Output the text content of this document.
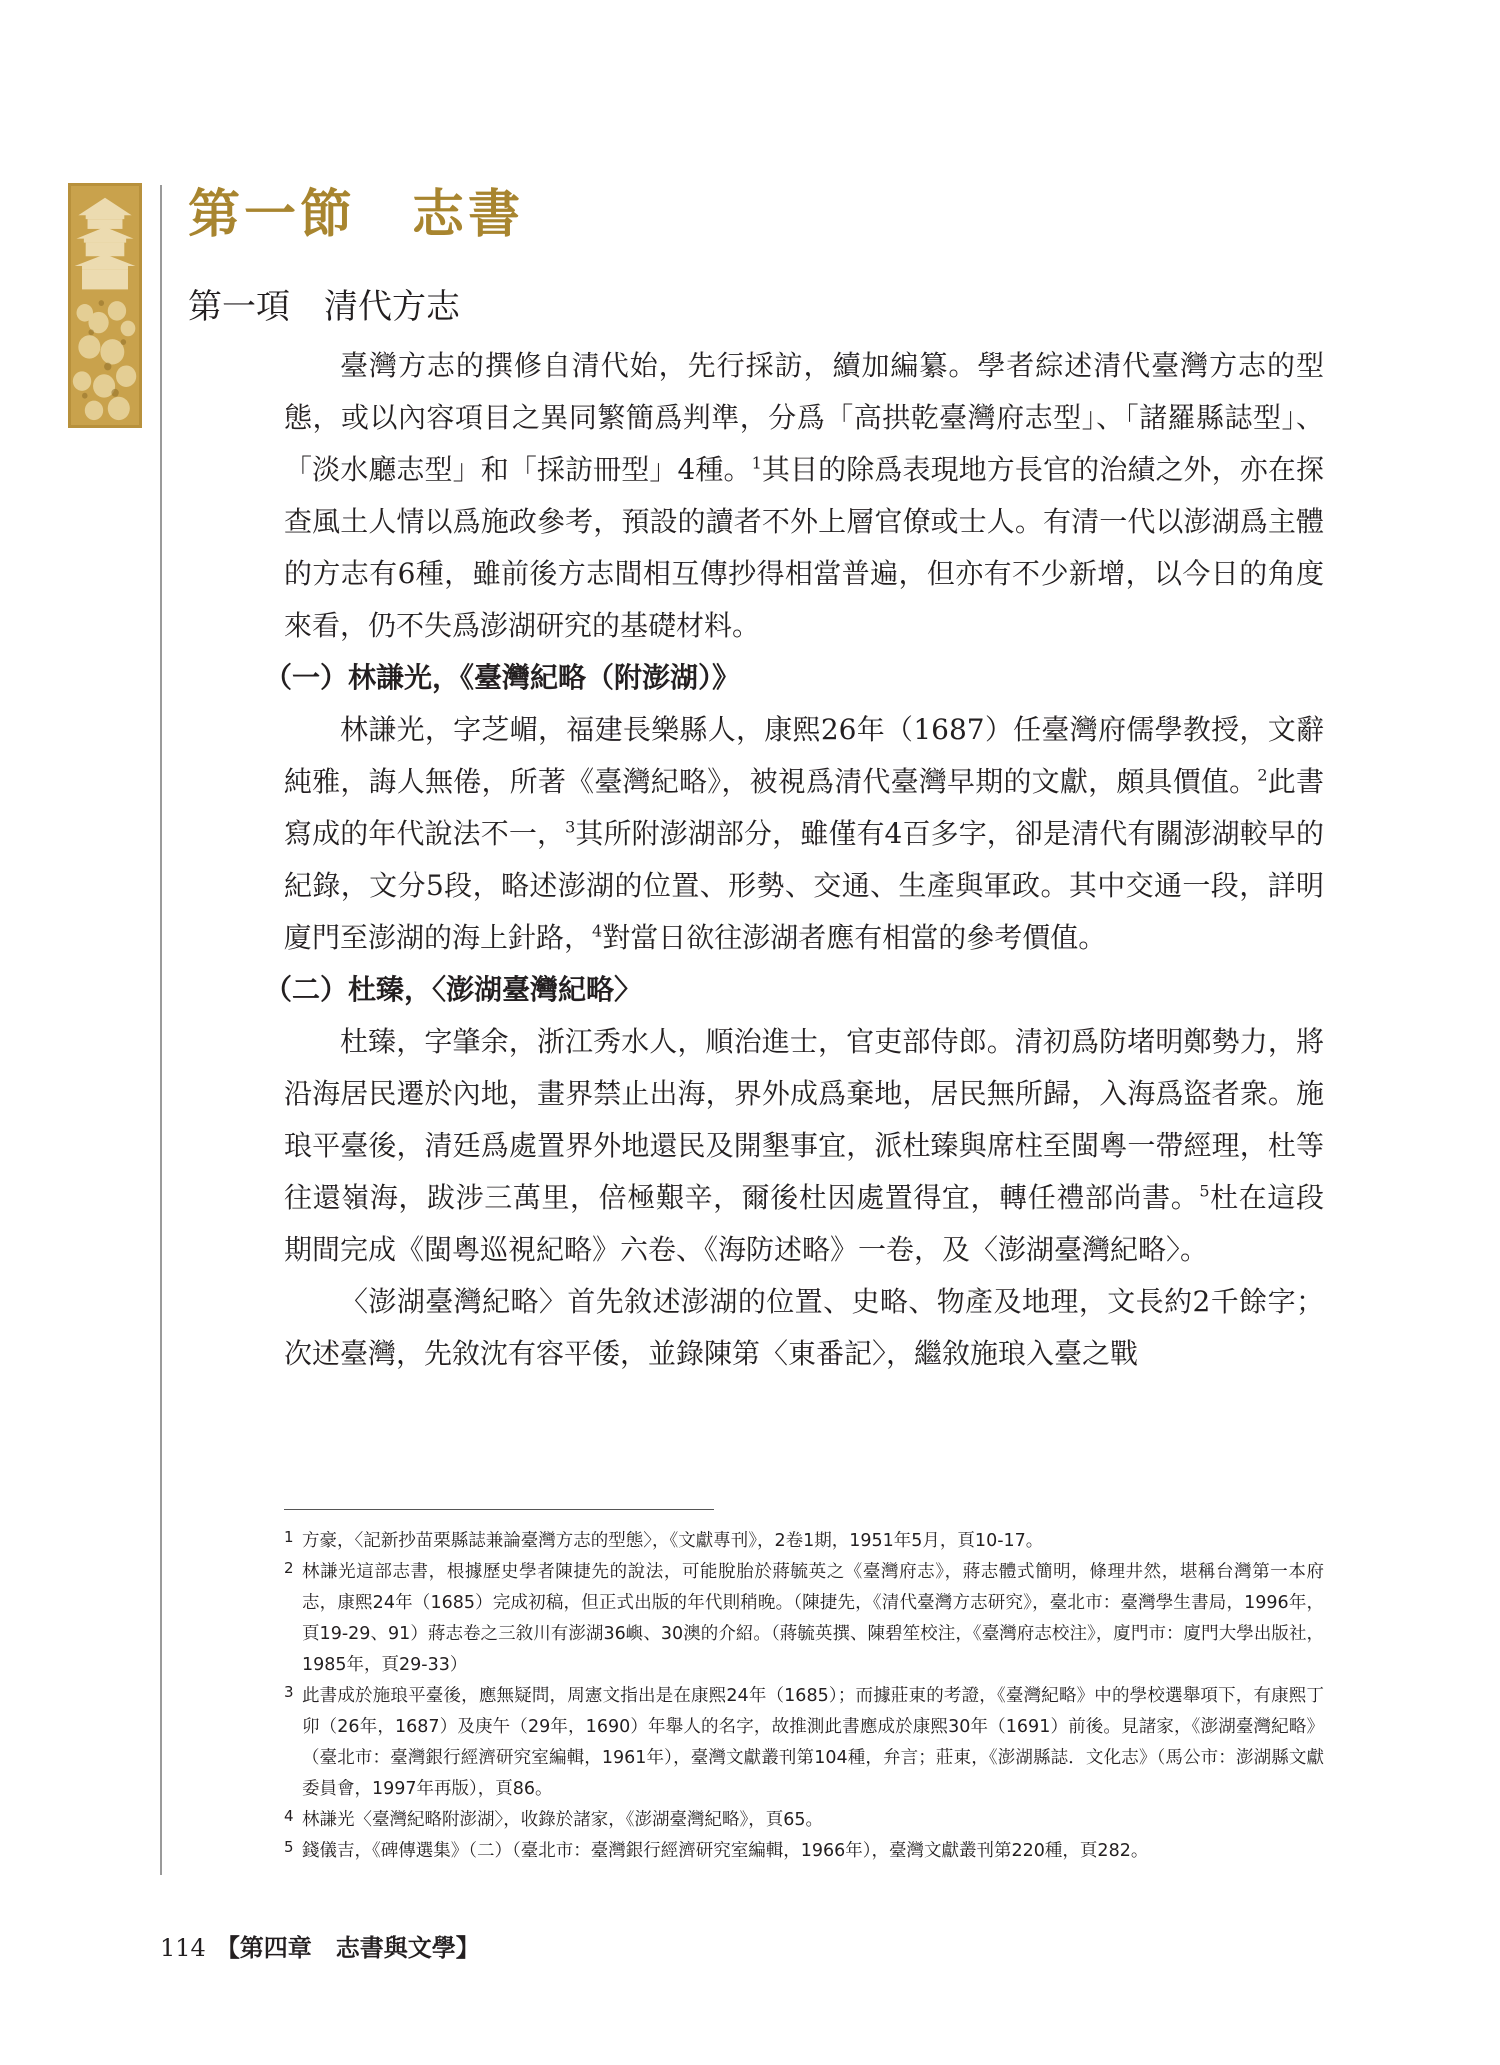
第一節　志書
第一項　清代方志

臺灣方志的撰修自清代始，先行採訪，續加編纂。學者綜述清代臺灣方志的型態，或以內容項目之異同繁簡爲判準，分爲「高拱乾臺灣府志型」、「諸羅縣誌型」、「淡水廳志型」和「採訪冊型」4種。$^1$其目的除爲表現地方長官的治績之外，亦在探查風土人情以爲施政參考，預設的讀者不外上層官僚或士人。有清一代以澎湖爲主體的方志有6種，雖前後方志間相互傳抄得相當普遍，但亦有不少新增，以今日的角度來看，仍不失爲澎湖研究的基礎材料。

（一）林謙光，《臺灣紀略（附澎湖）》

林謙光，字芝嵋，福建長樂縣人，康熙26年（1687）任臺灣府儒學教授，文辭純雅，誨人無倦，所著《臺灣紀略》，被視爲清代臺灣早期的文獻，頗具價值。$^2$此書寫成的年代說法不一，$^3$其所附澎湖部分，雖僅有4百多字，卻是清代有關澎湖較早的紀錄，文分5段，略述澎湖的位置、形勢、交通、生產與軍政。其中交通一段，詳明廈門至澎湖的海上針路，$^4$對當日欲往澎湖者應有相當的參考價值。

（二）杜臻，〈澎湖臺灣紀略〉

杜臻，字肇余，浙江秀水人，順治進士，官吏部侍郎。清初爲防堵明鄭勢力，將沿海居民遷於內地，畫界禁止出海，界外成爲棄地，居民無所歸，入海爲盜者衆。施琅平臺後，清廷爲處置界外地還民及開墾事宜，派杜臻與席柱至閩粵一帶經理，杜等往還嶺海，跋涉三萬里，倍極艱辛，爾後杜因處置得宜，轉任禮部尚書。$^5$杜在這段期間完成《閩粵巡視紀略》六卷、《海防述略》一卷，及〈澎湖臺灣紀略〉。

〈澎湖臺灣紀略〉首先敘述澎湖的位置、史略、物產及地理，文長約2千餘字；次述臺灣，先敘沈有容平倭，並錄陳第〈東番記〉，繼敘施琅入臺之戰

1 方豪，〈記新抄苗栗縣誌兼論臺灣方志的型態〉，《文獻專刊》，2卷1期，1951年5月，頁10-17。

2 林謙光這部志書，根據歷史學者陳捷先的說法，可能脫胎於蔣毓英之《臺灣府志》，蔣志體式簡明，條理井然，堪稱台灣第一本府志，康熙24年（1685）完成初稿，但正式出版的年代則稍晚。（陳捷先，《清代臺灣方志研究》，臺北市：臺灣學生書局，1996年，頁19-29、91）蔣志卷之三敘川有澎湖36嶼、30澳的介紹。（蔣毓英撰、陳碧笙校注，《臺灣府志校注》，廈門市：廈門大學出版社，1985年，頁29-33）

3 此書成於施琅平臺後，應無疑問，周憲文指出是在康熙24年（1685）；而據莊東的考證，《臺灣紀略》中的學校選舉項下，有康熙丁卯（26年，1687）及庚午（29年，1690）年舉人的名字，故推測此書應成於康熙30年（1691）前後。見諸家，《澎湖臺灣紀略》（臺北市：臺灣銀行經濟研究室編輯，1961年），臺灣文獻叢刊第104種，弁言；莊東，《澎湖縣誌．文化志》（馬公市：澎湖縣文獻委員會，1997年再版），頁86。

4 林謙光〈臺灣紀略附澎湖〉，收錄於諸家，《澎湖臺灣紀略》，頁65。

5 錢儀吉，《碑傳選集》（二）（臺北市：臺灣銀行經濟研究室編輯，1966年），臺灣文獻叢刊第220種，頁282。

114 【第四章　志書與文學】
